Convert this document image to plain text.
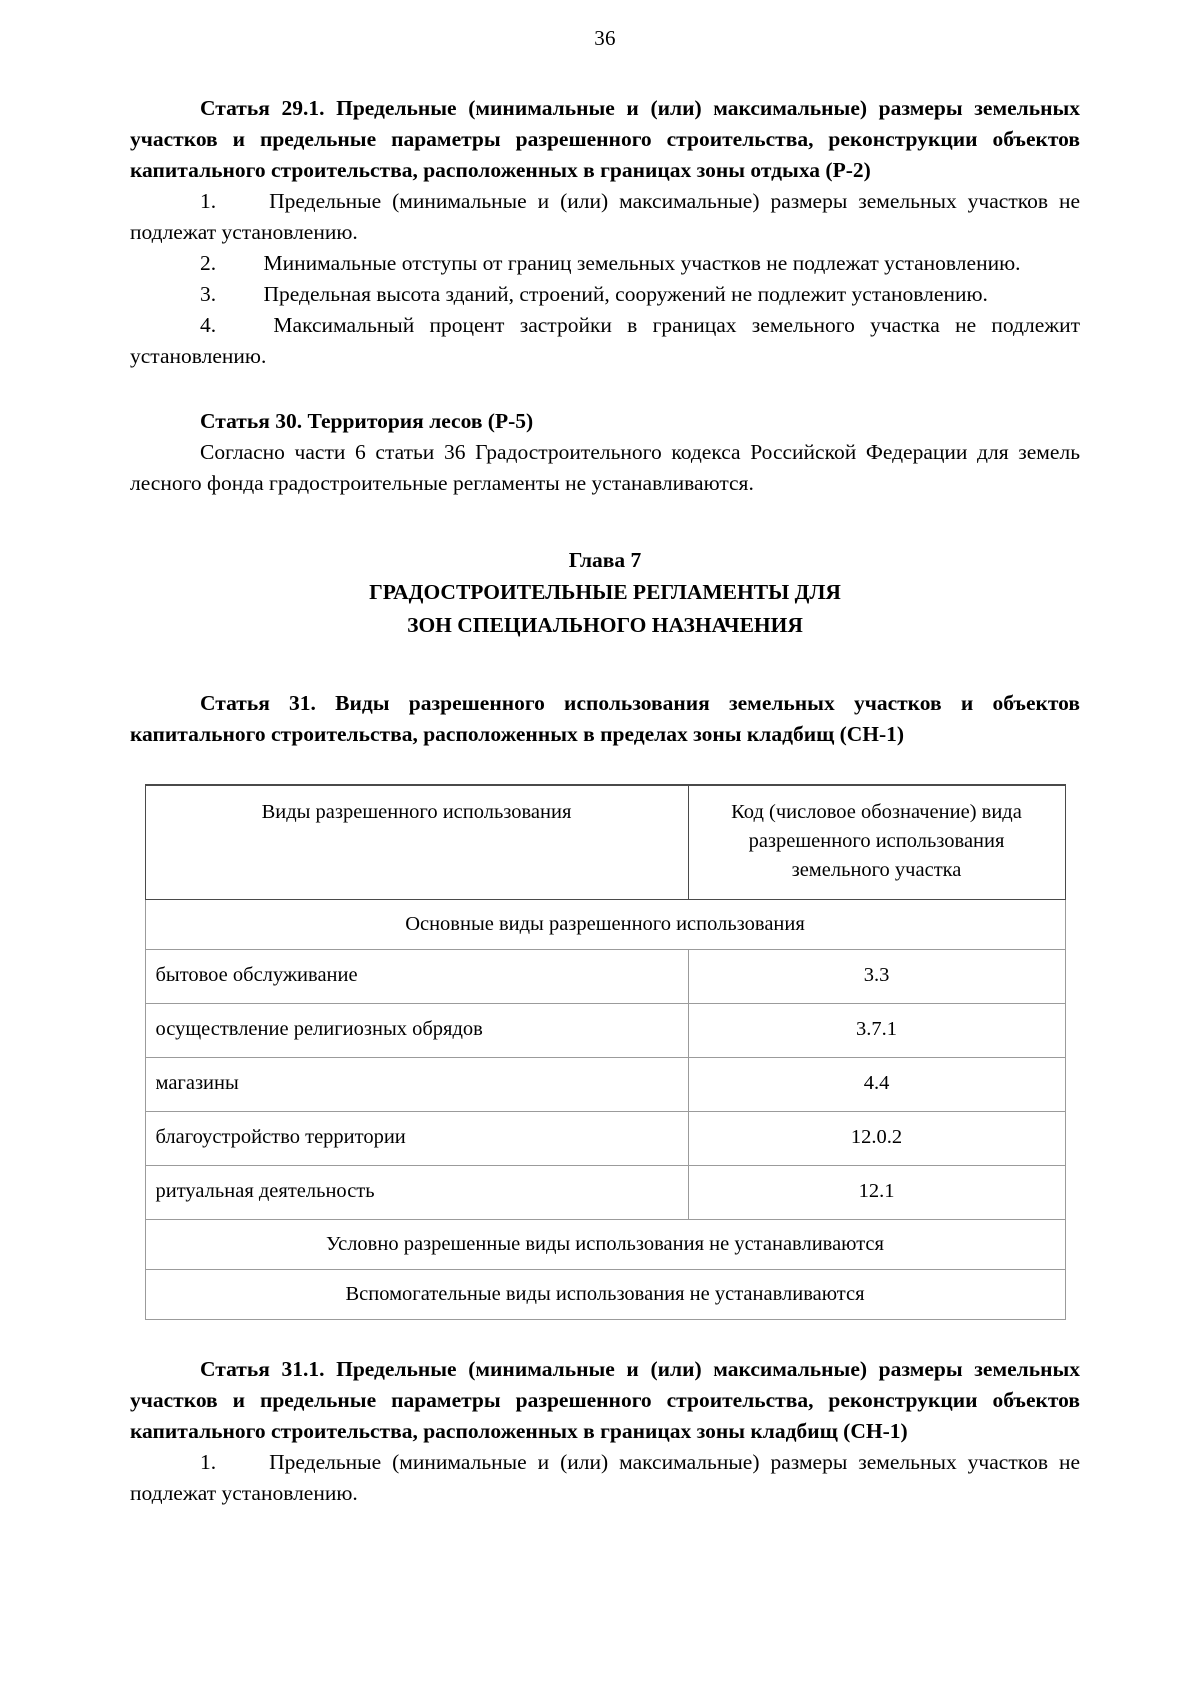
36

Статья 29.1. Предельные (минимальные и (или) максимальные) размеры земельных участков и предельные параметры разрешенного строительства, реконструкции объектов капитального строительства, расположенных в границах зоны отдыха (Р-2)

1. Предельные (минимальные и (или) максимальные) размеры земельных участков не подлежат установлению.

2. Минимальные отступы от границ земельных участков не подлежат установлению.

3. Предельная высота зданий, строений, сооружений не подлежит установлению.

4.	Максимальный процент застройки в границах земельного участка не подлежит установлению.

Статья 30. Территория лесов (Р-5)

Согласно части 6 статьи 36 Градостроительного кодекса Российской Федерации для земель лесного фонда градостроительные регламенты не устанавливаются.

Глава 7

ГРАДОСТРОИТЕЛЬНЫЕ РЕГЛАМЕНТЫ ДЛЯ

ЗОН СПЕЦИАЛЬНОГО НАЗНАЧЕНИЯ

Статья 31. Виды разрешенного использования земельных участков и объектов капитального строительства, расположенных в пределах зоны кладбищ (СН-1)

Виды разрешенного использования	Код (числовое обозначение) вида разрешенного использования земельного участка
Основные виды разрешенного использования	
бытовое обслуживание	3.3
осуществление религиозных обрядов	3.7.1
магазины	4.4
благоустройство территории	12.0.2
ритуальная деятельность	12.1
Условно разрешенные виды использования не устанавливаются	
Вспомогательные виды использования не устанавливаются	

Статья 31.1. Предельные (минимальные и (или) максимальные) размеры земельных участков и предельные параметры разрешенного строительства, реконструкции объектов капитального строительства, расположенных в границах зоны кладбищ (СН-1)

1. Предельные (минимальные и (или) максимальные) размеры земельных участков не подлежат установлению.
